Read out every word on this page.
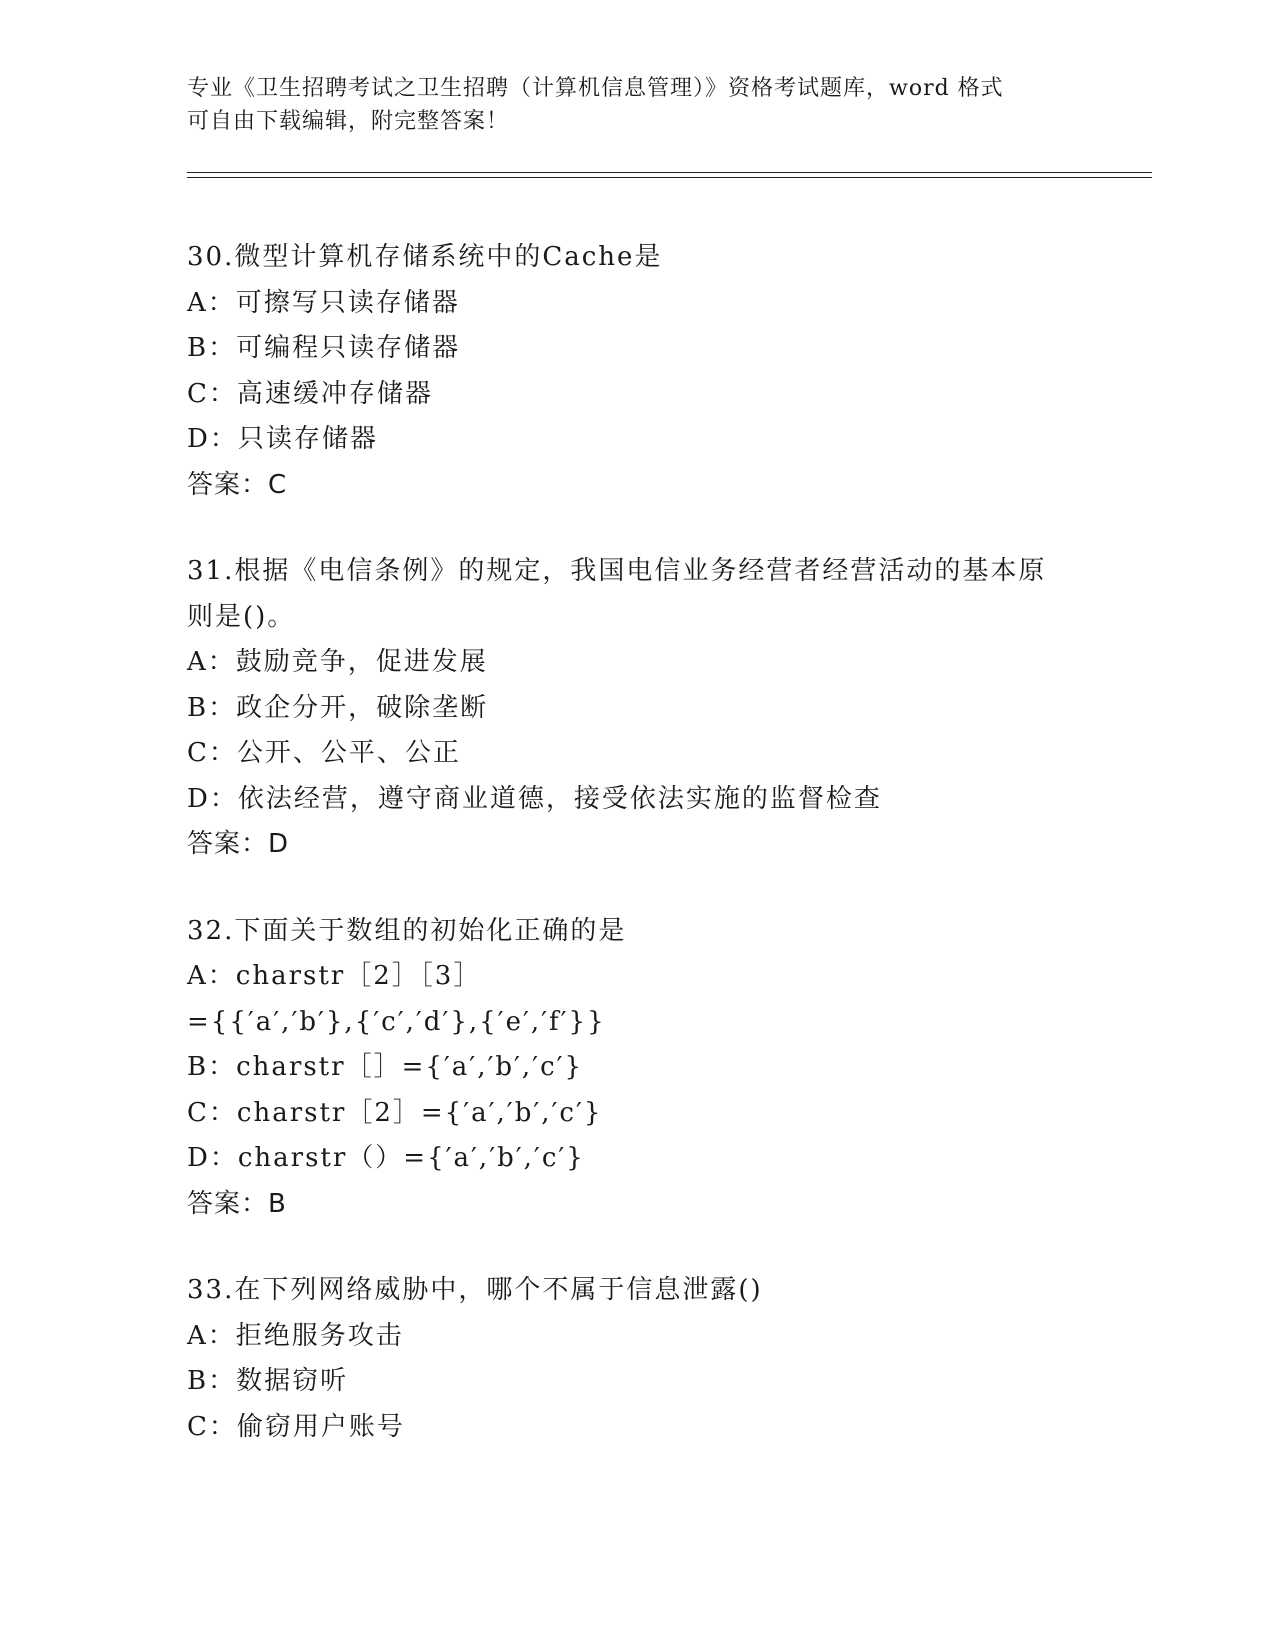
专业《卫生招聘考试之卫生招聘（计算机信息管理）》资格考试题库，word 格式
可自由下载编辑，附完整答案！
30.微型计算机存储系统中的Cache是
A：可擦写只读存储器
B：可编程只读存储器
C：高速缓冲存储器
D：只读存储器
答案：C
31.根据《电信条例》的规定，我国电信业务经营者经营活动的基本原
则是()。
A：鼓励竞争，促进发展
B：政企分开，破除垄断
C：公开、公平、公正
D：依法经营，遵守商业道德，接受依法实施的监督检查
答案：D
32.下面关于数组的初始化正确的是
A：charstr［2］［3］
={{′a′,′b′},{′c′,′d′},{′e′,′f′}}
B：charstr［］={′a′,′b′,′c′}
C：charstr［2］={′a′,′b′,′c′}
D：charstr（）={′a′,′b′,′c′}
答案：B
33.在下列网络威胁中，哪个不属于信息泄露()
A：拒绝服务攻击
B：数据窃听
C：偷窃用户账号
